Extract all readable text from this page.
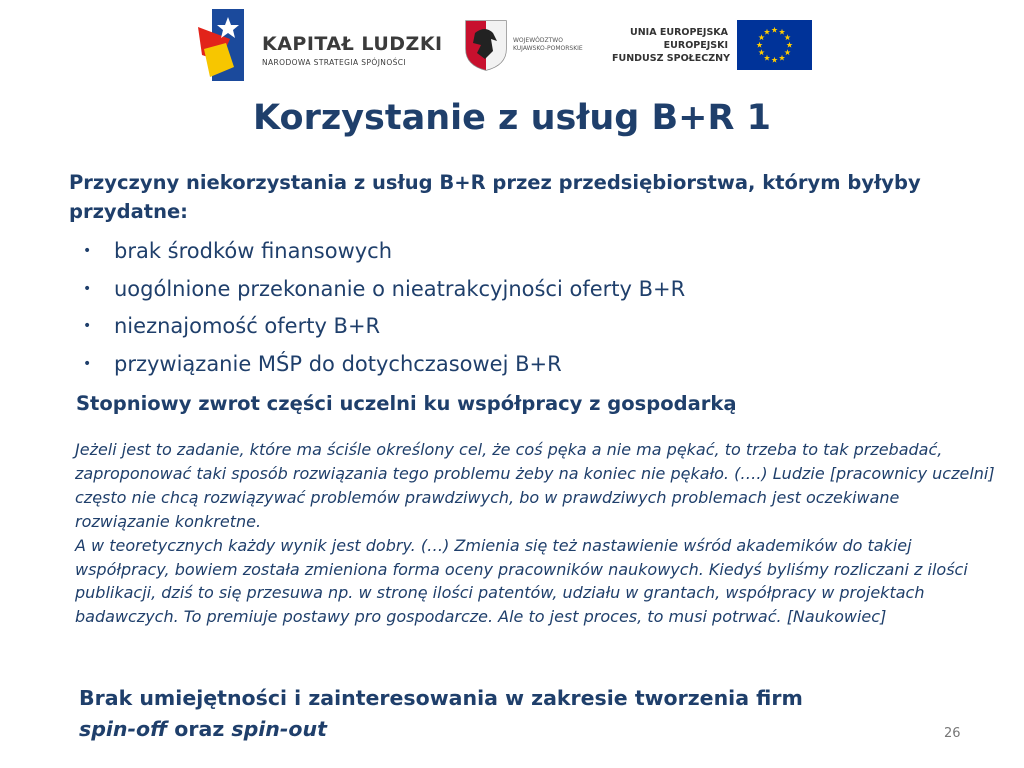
KAPITAŁ LUDZKI
NARODOWA STRATEGIA SPÓJNOŚCI
WOJEWÓDZTWO
KUJAWSKO-POMORSKIE
UNIA EUROPEJSKA
EUROPEJSKI
FUNDUSZ SPOŁECZNY
Korzystanie z usług B+R 1
Przyczyny niekorzystania z usług B+R przez przedsiębiorstwa, którym byłyby przydatne:
• brak środków finansowych
• uogólnione przekonanie o nieatrakcyjności oferty B+R
• nieznajomość oferty B+R
• przywiązanie MŚP do dotychczasowej B+R
Stopniowy zwrot części uczelni ku współpracy z gospodarką

Jeżeli jest to zadanie, które ma ściśle określony cel, że coś pęka a nie ma pękać, to trzeba to tak przebadać, zaproponować taki sposób rozwiązania tego problemu żeby na koniec nie pękało. (….) Ludzie [pracownicy uczelni] często nie chcą rozwiązywać problemów prawdziwych, bo w prawdziwych problemach jest oczekiwane rozwiązanie konkretne.

A w teoretycznych każdy wynik jest dobry. (…) Zmienia się też nastawienie wśród akademików do takiej współpracy, bowiem została zmieniona forma oceny pracowników naukowych. Kiedyś byliśmy rozliczani z ilości publikacji, dziś to się przesuwa np. w stronę ilości patentów, udziału w grantach, współpracy w projektach badawczych. To premiuje postawy pro gospodarcze. Ale to jest proces, to musi potrwać. [Naukowiec]

Brak umiejętności i zainteresowania w zakresie tworzenia firm
spin-off oraz spin-out	26
